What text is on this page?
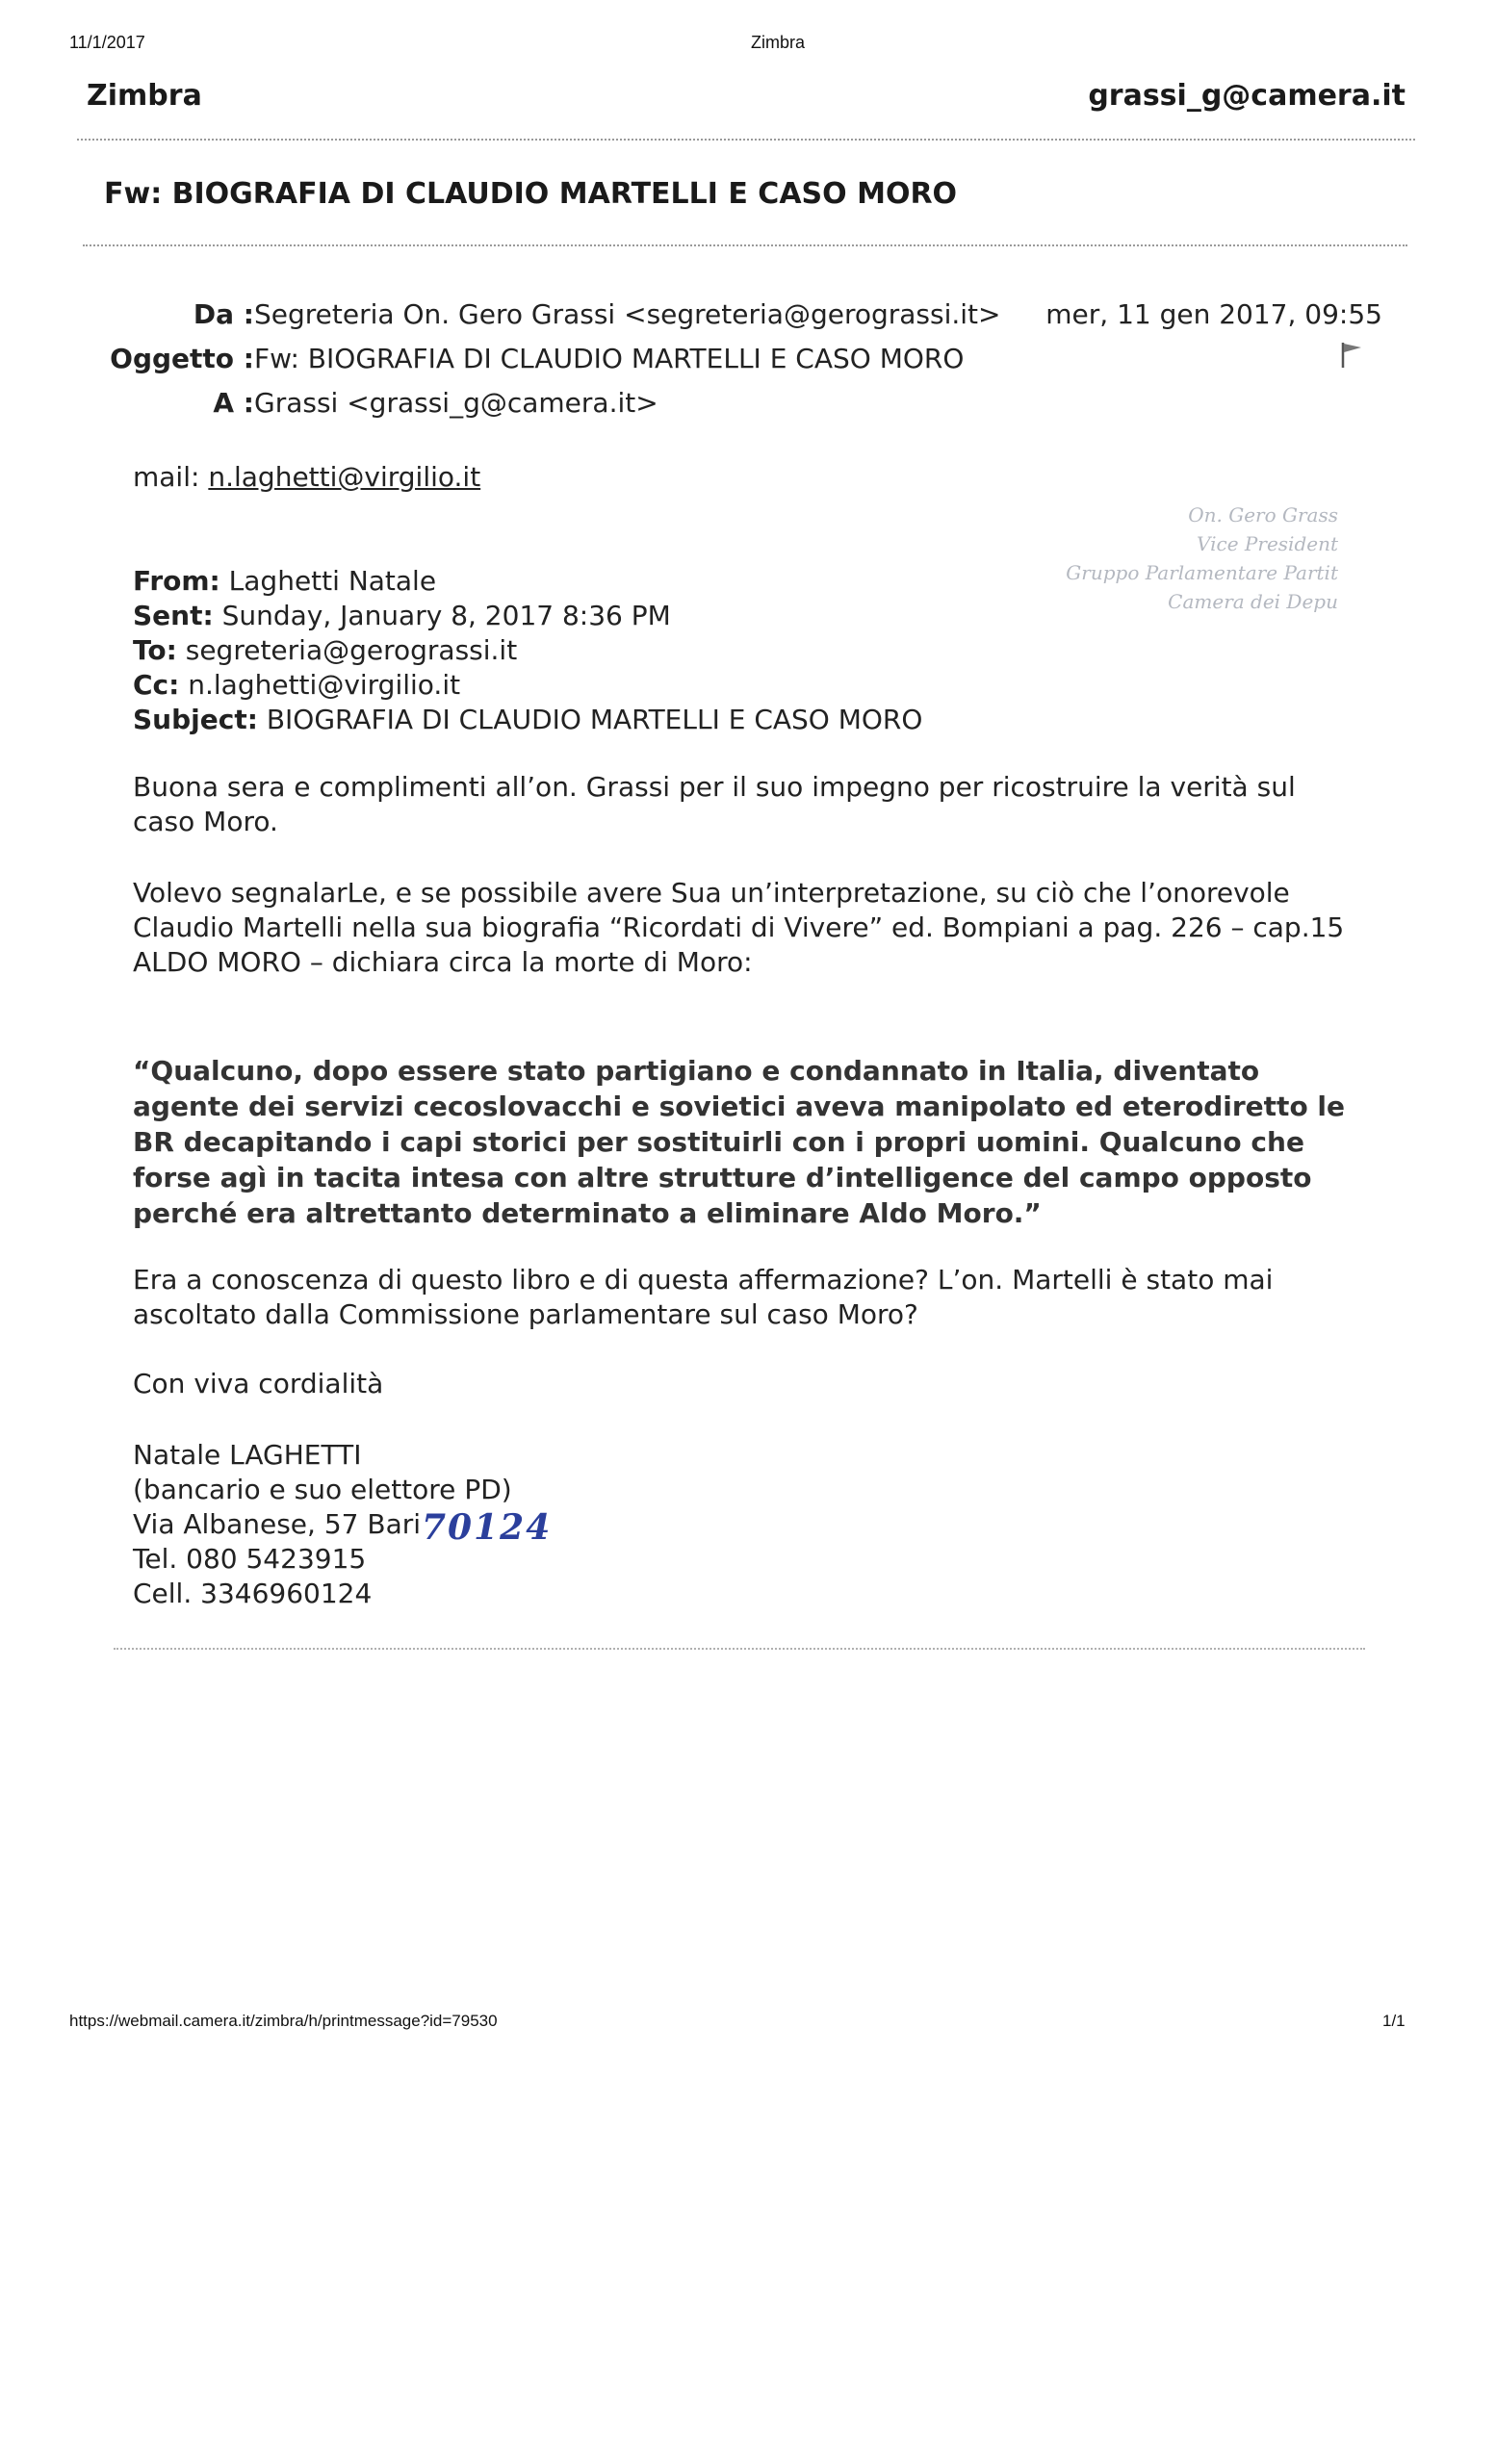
11/1/2017	Zimbra
Zimbra	grassi_g@camera.it
Fw: BIOGRAFIA DI CLAUDIO MARTELLI E CASO MORO
Da : Segreteria On. Gero Grassi <segreteria@gerograssi.it> mer, 11 gen 2017, 09:55
Oggetto : Fw: BIOGRAFIA DI CLAUDIO MARTELLI E CASO MORO
A : Grassi <grassi_g@camera.it>
mail: n.laghetti@virgilio.it
On. Gero Grass
Vice President
Gruppo Parlamentare Partit
Camera dei Depu
From: Laghetti Natale
Sent: Sunday, January 8, 2017 8:36 PM
To: segreteria@gerograssi.it
Cc: n.laghetti@virgilio.it
Subject: BIOGRAFIA DI CLAUDIO MARTELLI E CASO MORO

Buona sera e complimenti all’on. Grassi per il suo impegno per ricostruire la verità sul caso Moro.

Volevo segnalarLe, e se possibile avere Sua un’interpretazione, su ciò che l’onorevole Claudio Martelli nella sua biografia “Ricordati di Vivere” ed. Bompiani a pag. 226 – cap.15 ALDO MORO – dichiara circa la morte di Moro:

“Qualcuno, dopo essere stato partigiano e condannato in Italia, diventato agente dei servizi cecoslovacchi e sovietici aveva manipolato ed eterodiretto le BR decapitando i capi storici per sostituirli con i propri uomini. Qualcuno che forse agì in tacita intesa con altre strutture d’intelligence del campo opposto perché era altrettanto determinato a eliminare Aldo Moro.”

Era a conoscenza di questo libro e di questa affermazione? L’on. Martelli è stato mai ascoltato dalla Commissione parlamentare sul caso Moro?

Con viva cordialità

Natale LAGHETTI
(bancario e suo elettore PD)
Via Albanese, 57 Bari
Tel. 080 5423915
Cell. 3346960124
70124
https://webmail.camera.it/zimbra/h/printmessage?id=79530	1/1
